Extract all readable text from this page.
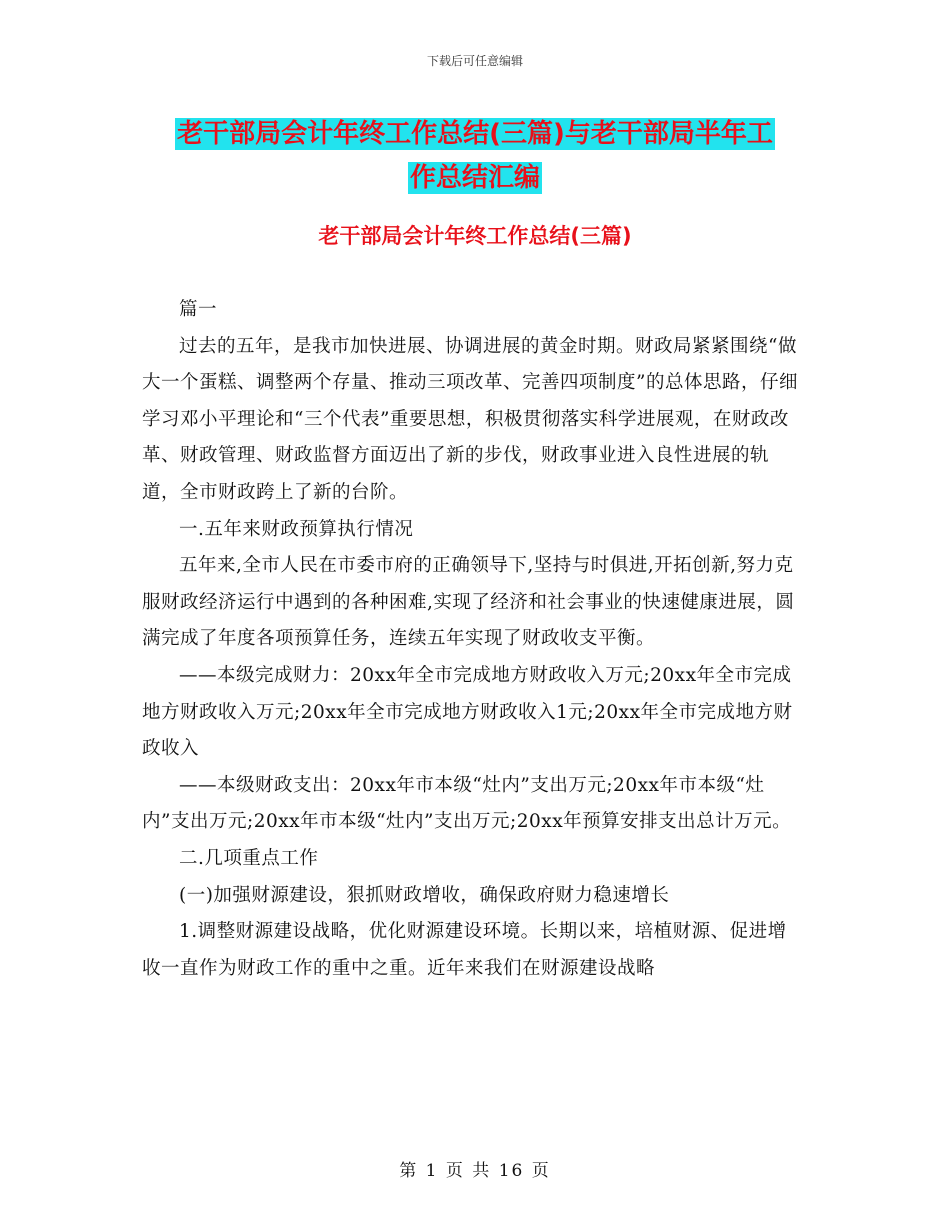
下载后可任意编辑
老干部局会计年终工作总结(三篇)与老干部局半年工
作总结汇编
老干部局会计年终工作总结(三篇)

篇一

过去的五年，是我市加快进展、协调进展的黄金时期。财政局紧紧围绕“做大一个蛋糕、调整两个存量、推动三项改革、完善四项制度”的总体思路，仔细学习邓小平理论和“三个代表”重要思想，积极贯彻落实科学进展观，在财政改革、财政管理、财政监督方面迈出了新的步伐，财政事业进入良性进展的轨道，全市财政跨上了新的台阶。

一.五年来财政预算执行情况

五年来,全市人民在市委市府的正确领导下,坚持与时俱进,开拓创新,努力克服财政经济运行中遇到的各种困难,实现了经济和社会事业的快速健康进展，圆满完成了年度各项预算任务，连续五年实现了财政收支平衡。

——本级完成财力：20xx年全市完成地方财政收入万元;20xx年全市完成地方财政收入万元;20xx年全市完成地方财政收入1元;20xx年全市完成地方财政收入

——本级财政支出：20xx年市本级“灶内”支出万元;20xx年市本级“灶内”支出万元;20xx年市本级“灶内”支出万元;20xx年预算安排支出总计万元。

二.几项重点工作

(一)加强财源建设，狠抓财政增收，确保政府财力稳速增长

1.调整财源建设战略，优化财源建设环境。长期以来，培植财源、促进增收一直作为财政工作的重中之重。近年来我们在财源建设战略

第 1 页 共 16 页
